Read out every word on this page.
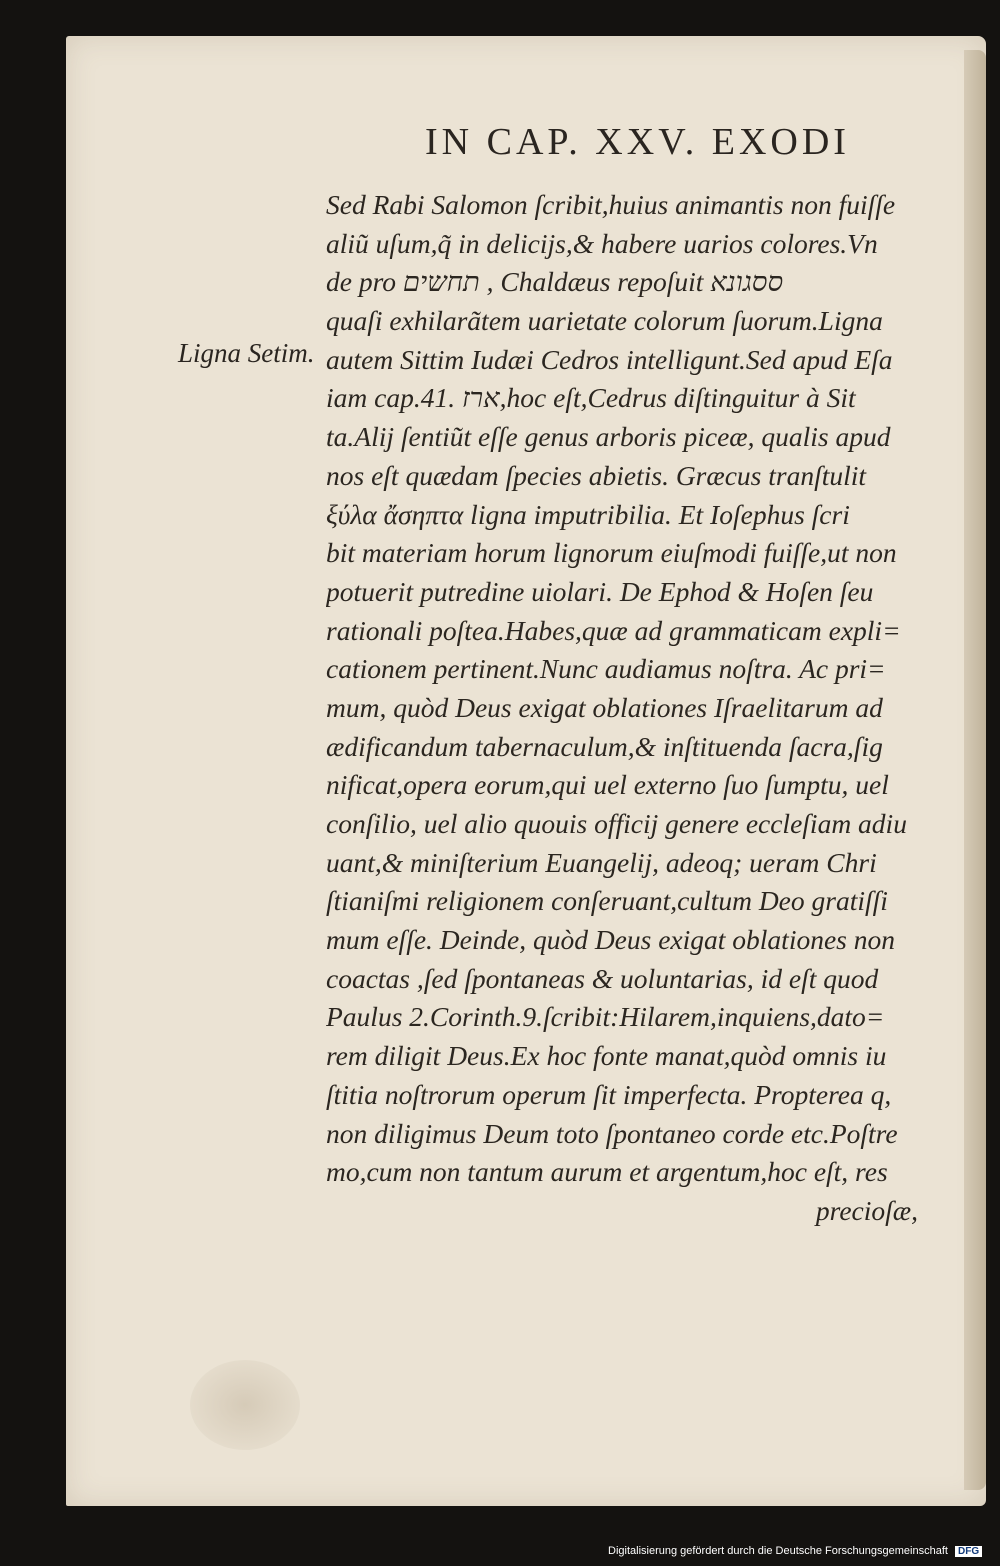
IN CAP. XXV. EXODI
Ligna Setim.
Sed Rabi Salomon ſcribit,huius animantis non fuiſſe
aliũ uſum,q̃ in delicijs,& habere uarios colores.Vn
de pro תחשים , Chaldæus repoſuit ססגונא
quaſi exhilarãtem uarietate colorum ſuorum.Ligna
autem Sittim Iudæi Cedros intelligunt.Sed apud Eſa
iam cap.41. ארז,hoc eſt,Cedrus diſtinguitur à Sit
ta.Alij ſentiũt eſſe genus arboris piceæ, qualis apud
nos eſt quædam ſpecies abietis. Græcus tranſtulit
ξύλα ἄσηπτα ligna imputribilia. Et Ioſephus ſcri
bit materiam horum lignorum eiuſmodi fuiſſe,ut non
potuerit putredine uiolari. De Ephod & Hoſen ſeu
rationali poſtea.Habes,quæ ad grammaticam expli=
cationem pertinent.Nunc audiamus noſtra. Ac pri=
mum, quòd Deus exigat oblationes Iſraelitarum ad
ædificandum tabernaculum,& inſtituenda ſacra,ſig
nificat,opera eorum,qui uel externo ſuo ſumptu, uel
conſilio, uel alio quouis officij genere eccleſiam adiu
uant,& miniſterium Euangelij, adeoq; ueram Chri
ſtianiſmi religionem conſeruant,cultum Deo gratiſſi
mum eſſe. Deinde, quòd Deus exigat oblationes non
coactas ,ſed ſpontaneas & uoluntarias, id eſt quod
Paulus 2.Corinth.9.ſcribit:Hilarem,inquiens,dato=
rem diligit Deus.Ex hoc fonte manat,quòd omnis iu
ſtitia noſtrorum operum ſit imperfecta. Propterea q,
non diligimus Deum toto ſpontaneo corde etc.Poſtre
mo,cum non tantum aurum et argentum,hoc eſt, res
precioſæ,
Digitalisierung gefördert durch die Deutsche Forschungsgemeinschaft DFG
